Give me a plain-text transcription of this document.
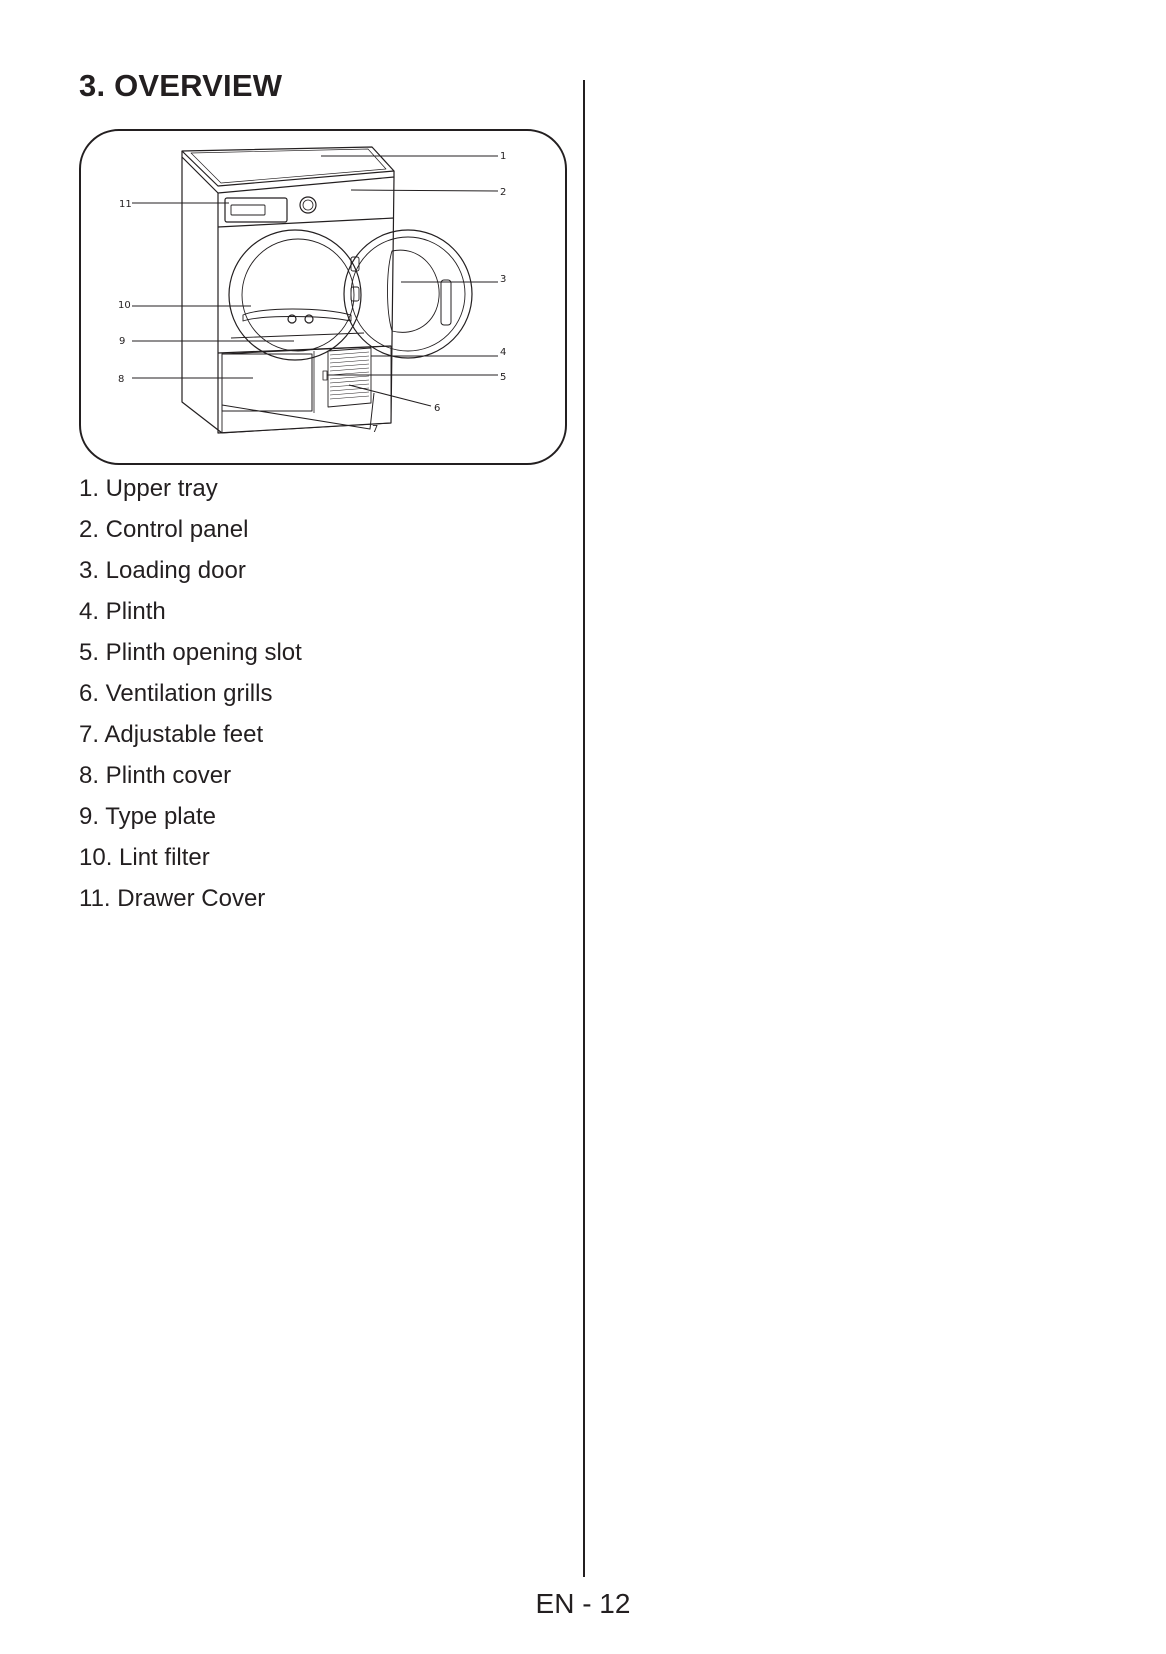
3. OVERVIEW
1
2
3
4
5
6
7
8
9
10
11
1. Upper tray
2. Control panel
3. Loading door
4. Plinth
5. Plinth opening slot
6. Ventilation grills
7. Adjustable feet
8. Plinth cover
9. Type plate
10. Lint filter
11. Drawer Cover
EN - 12
